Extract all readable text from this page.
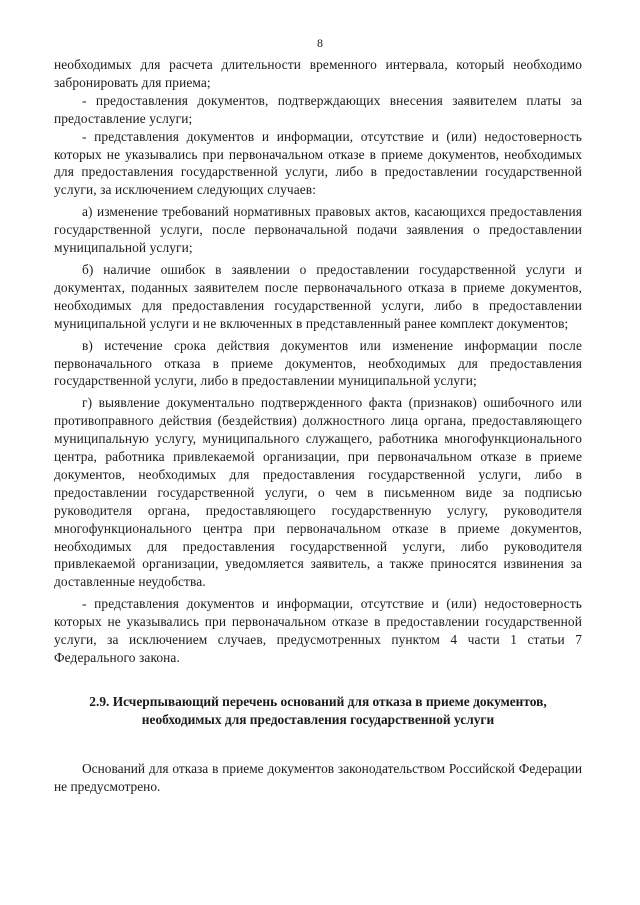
8

необходимых для расчета длительности временного интервала, который необходимо забронировать для приема;

- предоставления документов, подтверждающих внесения заявителем платы за предоставление услуги;

- представления документов и информации, отсутствие и (или) недостоверность которых не указывались при первоначальном отказе в приеме документов, необходимых для предоставления государственной услуги, либо в предоставлении государственной услуги, за исключением следующих случаев:

а) изменение требований нормативных правовых актов, касающихся предоставления государственной услуги, после первоначальной подачи заявления о предоставлении муниципальной услуги;

б) наличие ошибок в заявлении о предоставлении государственной услуги и документах, поданных заявителем после первоначального отказа в приеме документов, необходимых для предоставления государственной услуги, либо в предоставлении муниципальной услуги и не включенных в представленный ранее комплект документов;

в) истечение срока действия документов или изменение информации после первоначального отказа в приеме документов, необходимых для предоставления государственной услуги, либо в предоставлении муниципальной услуги;

г) выявление документально подтвержденного факта (признаков) ошибочного или противоправного действия (бездействия) должностного лица органа, предоставляющего муниципальную услугу, муниципального служащего, работника многофункционального центра, работника привлекаемой организации, при первоначальном отказе в приеме документов, необходимых для предоставления государственной услуги, либо в предоставлении государственной услуги, о чем в письменном виде за подписью руководителя органа, предоставляющего государственную услугу, руководителя многофункционального центра при первоначальном отказе в приеме документов, необходимых для предоставления государственной услуги, либо руководителя привлекаемой организации, уведомляется заявитель, а также приносятся извинения за доставленные неудобства.

- представления документов и информации, отсутствие и (или) недостоверность которых не указывались при первоначальном отказе в предоставлении государственной услуги, за исключением случаев, предусмотренных пунктом 4 части 1 статьи 7 Федерального закона.

2.9. Исчерпывающий перечень оснований для отказа в приеме документов, необходимых для предоставления государственной услуги

Оснований для отказа в приеме документов законодательством Российской Федерации не предусмотрено.
